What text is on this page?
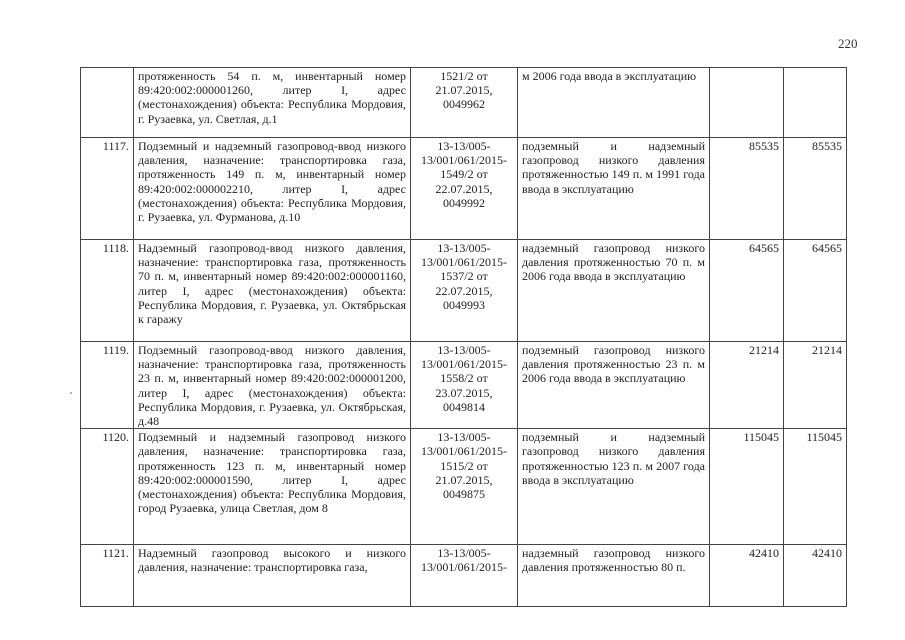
220
	протяженность 54 п. м, инвентарный номер 89:420:002:000001260, литер I, адрес (местонахождения) объекта: Республика Мордовия, г. Рузаевка, ул. Светлая, д.1	1521/2 от 21.07.2015, 0049962	м 2006 года ввода в эксплуатацию		
1117.	Подземный и надземный газопровод-ввод низкого давления, назначение: транспортировка газа, протяженность 149 п. м, инвентарный номер 89:420:002:000002210, литер I, адрес (местонахождения) объекта: Республика Мордовия, г. Рузаевка, ул. Фурманова, д.10	13-13/005-13/001/061/2015-1549/2 от 22.07.2015, 0049992	подземный и надземный газопровод низкого давления протяженностью 149 п. м 1991 года ввода в эксплуатацию	85535	85535
1118.	Надземный газопровод-ввод низкого давления, назначение: транспортировка газа, протяженность 70 п. м, инвентарный номер 89:420:002:000001160, литер I, адрес (местонахождения) объекта: Республика Мордовия, г. Рузаевка, ул. Октябрьская к гаражу	13-13/005-13/001/061/2015-1537/2 от 22.07.2015, 0049993	надземный газопровод низкого давления протяженностью 70 п. м 2006 года ввода в эксплуатацию	64565	64565
1119.	Подземный газопровод-ввод низкого давления, назначение: транспортировка газа, протяженность 23 п. м, инвентарный номер 89:420:002:000001200, литер I, адрес (местонахождения) объекта: Республика Мордовия, г. Рузаевка, ул. Октябрьская, д.48	13-13/005-13/001/061/2015-1558/2 от 23.07.2015, 0049814	подземный газопровод низкого давления протяженностью 23 п. м 2006 года ввода в эксплуатацию	21214	21214
1120.	Подземный и надземный газопровод низкого давления, назначение: транспортировка газа, протяженность 123 п. м, инвентарный номер 89:420:002:000001590, литер I, адрес (местонахождения) объекта: Республика Мордовия, город Рузаевка, улица Светлая, дом 8	13-13/005-13/001/061/2015-1515/2 от 21.07.2015, 0049875	подземный и надземный газопровод низкого давления протяженностью 123 п. м 2007 года ввода в эксплуатацию	115045	115045
1121.	Надземный газопровод высокого и низкого давления, назначение: транспортировка газа,	13-13/005-13/001/061/2015-	надземный газопровод низкого давления протяженностью 80 п.	42410	42410
